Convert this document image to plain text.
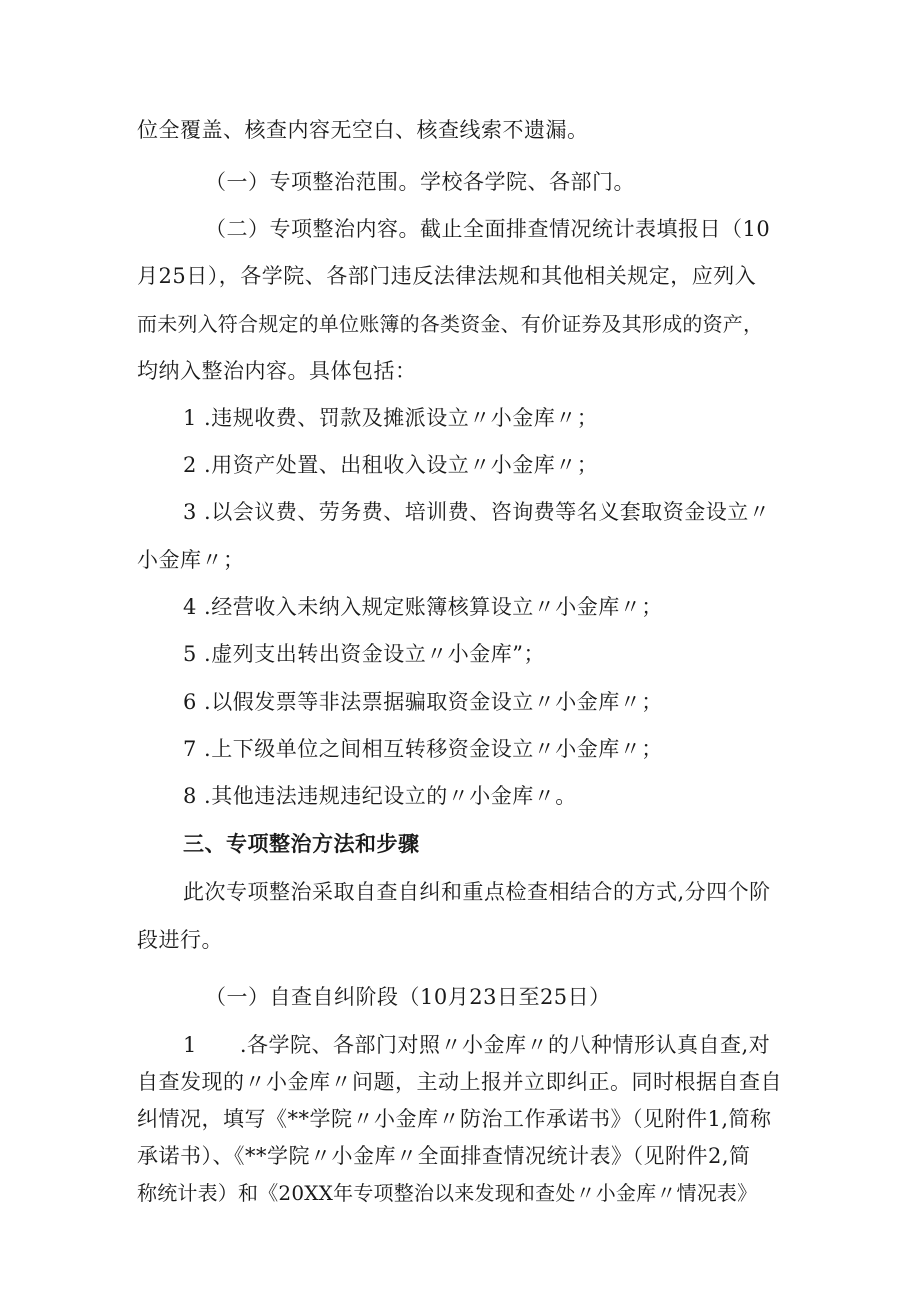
位全覆盖、核查内容无空白、核查线索不遗漏。
（一）专项整治范围。学校各学院、各部门。
（二）专项整治内容。截止全面排查情况统计表填报日（10
月25日），各学院、各部门违反法律法规和其他相关规定，应列入
而未列入符合规定的单位账簿的各类资金、有价证券及其形成的资产，
均纳入整治内容。具体包括：
1 .违规收费、罚款及摊派设立〃小金库〃；
2 .用资产处置、出租收入设立〃小金库〃；
3 .以会议费、劳务费、培训费、咨询费等名义套取资金设立〃
小金库〃；
4 .经营收入未纳入规定账簿核算设立〃小金库〃；
5 .虚列支出转出资金设立〃小金库”；
6 .以假发票等非法票据骗取资金设立〃小金库〃；
7 .上下级单位之间相互转移资金设立〃小金库〃；
8 .其他违法违规违纪设立的〃小金库〃。
三、专项整治方法和步骤
此次专项整治采取自查自纠和重点检查相结合的方式,分四个阶
段进行。
（一）自查自纠阶段（10月23日至25日）
1　　.各学院、各部门对照〃小金库〃的八种情形认真自查,对
自查发现的〃小金库〃问题，主动上报并立即纠正。同时根据自查自
纠情况，填写《**学院〃小金库〃防治工作承诺书》（见附件1,简称
承诺书）、《**学院〃小金库〃全面排查情况统计表》（见附件2,简
称统计表）和《20XX年专项整治以来发现和查处〃小金库〃情况表》
